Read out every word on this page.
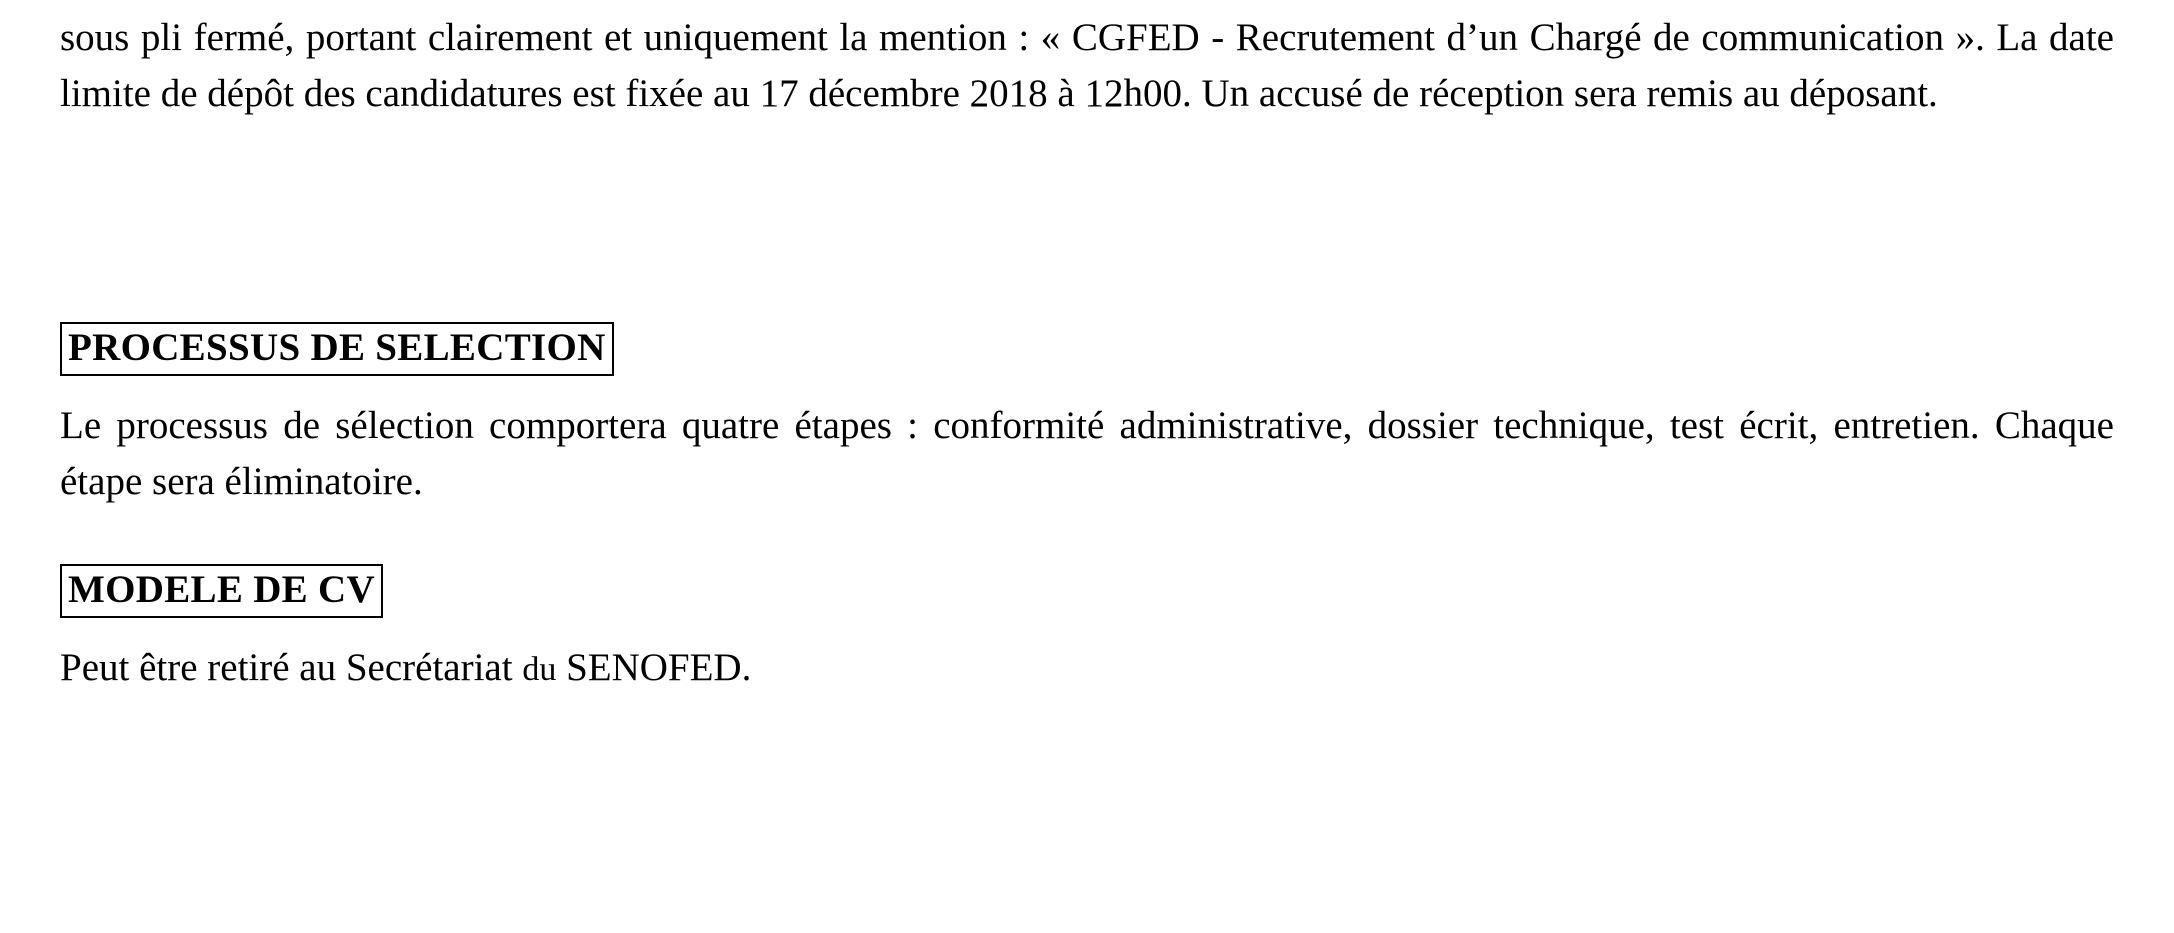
sous pli fermé, portant clairement et uniquement la mention : « CGFED - Recrutement d’un Chargé de communication ». La date limite de dépôt des candidatures est fixée au 17 décembre 2018 à 12h00. Un accusé de réception sera remis au déposant.

PROCESSUS DE SELECTION

Le processus de sélection comportera quatre étapes : conformité administrative, dossier technique, test écrit, entretien. Chaque étape sera éliminatoire.

MODELE DE CV

Peut être retiré au Secrétariat du SENOFED.
